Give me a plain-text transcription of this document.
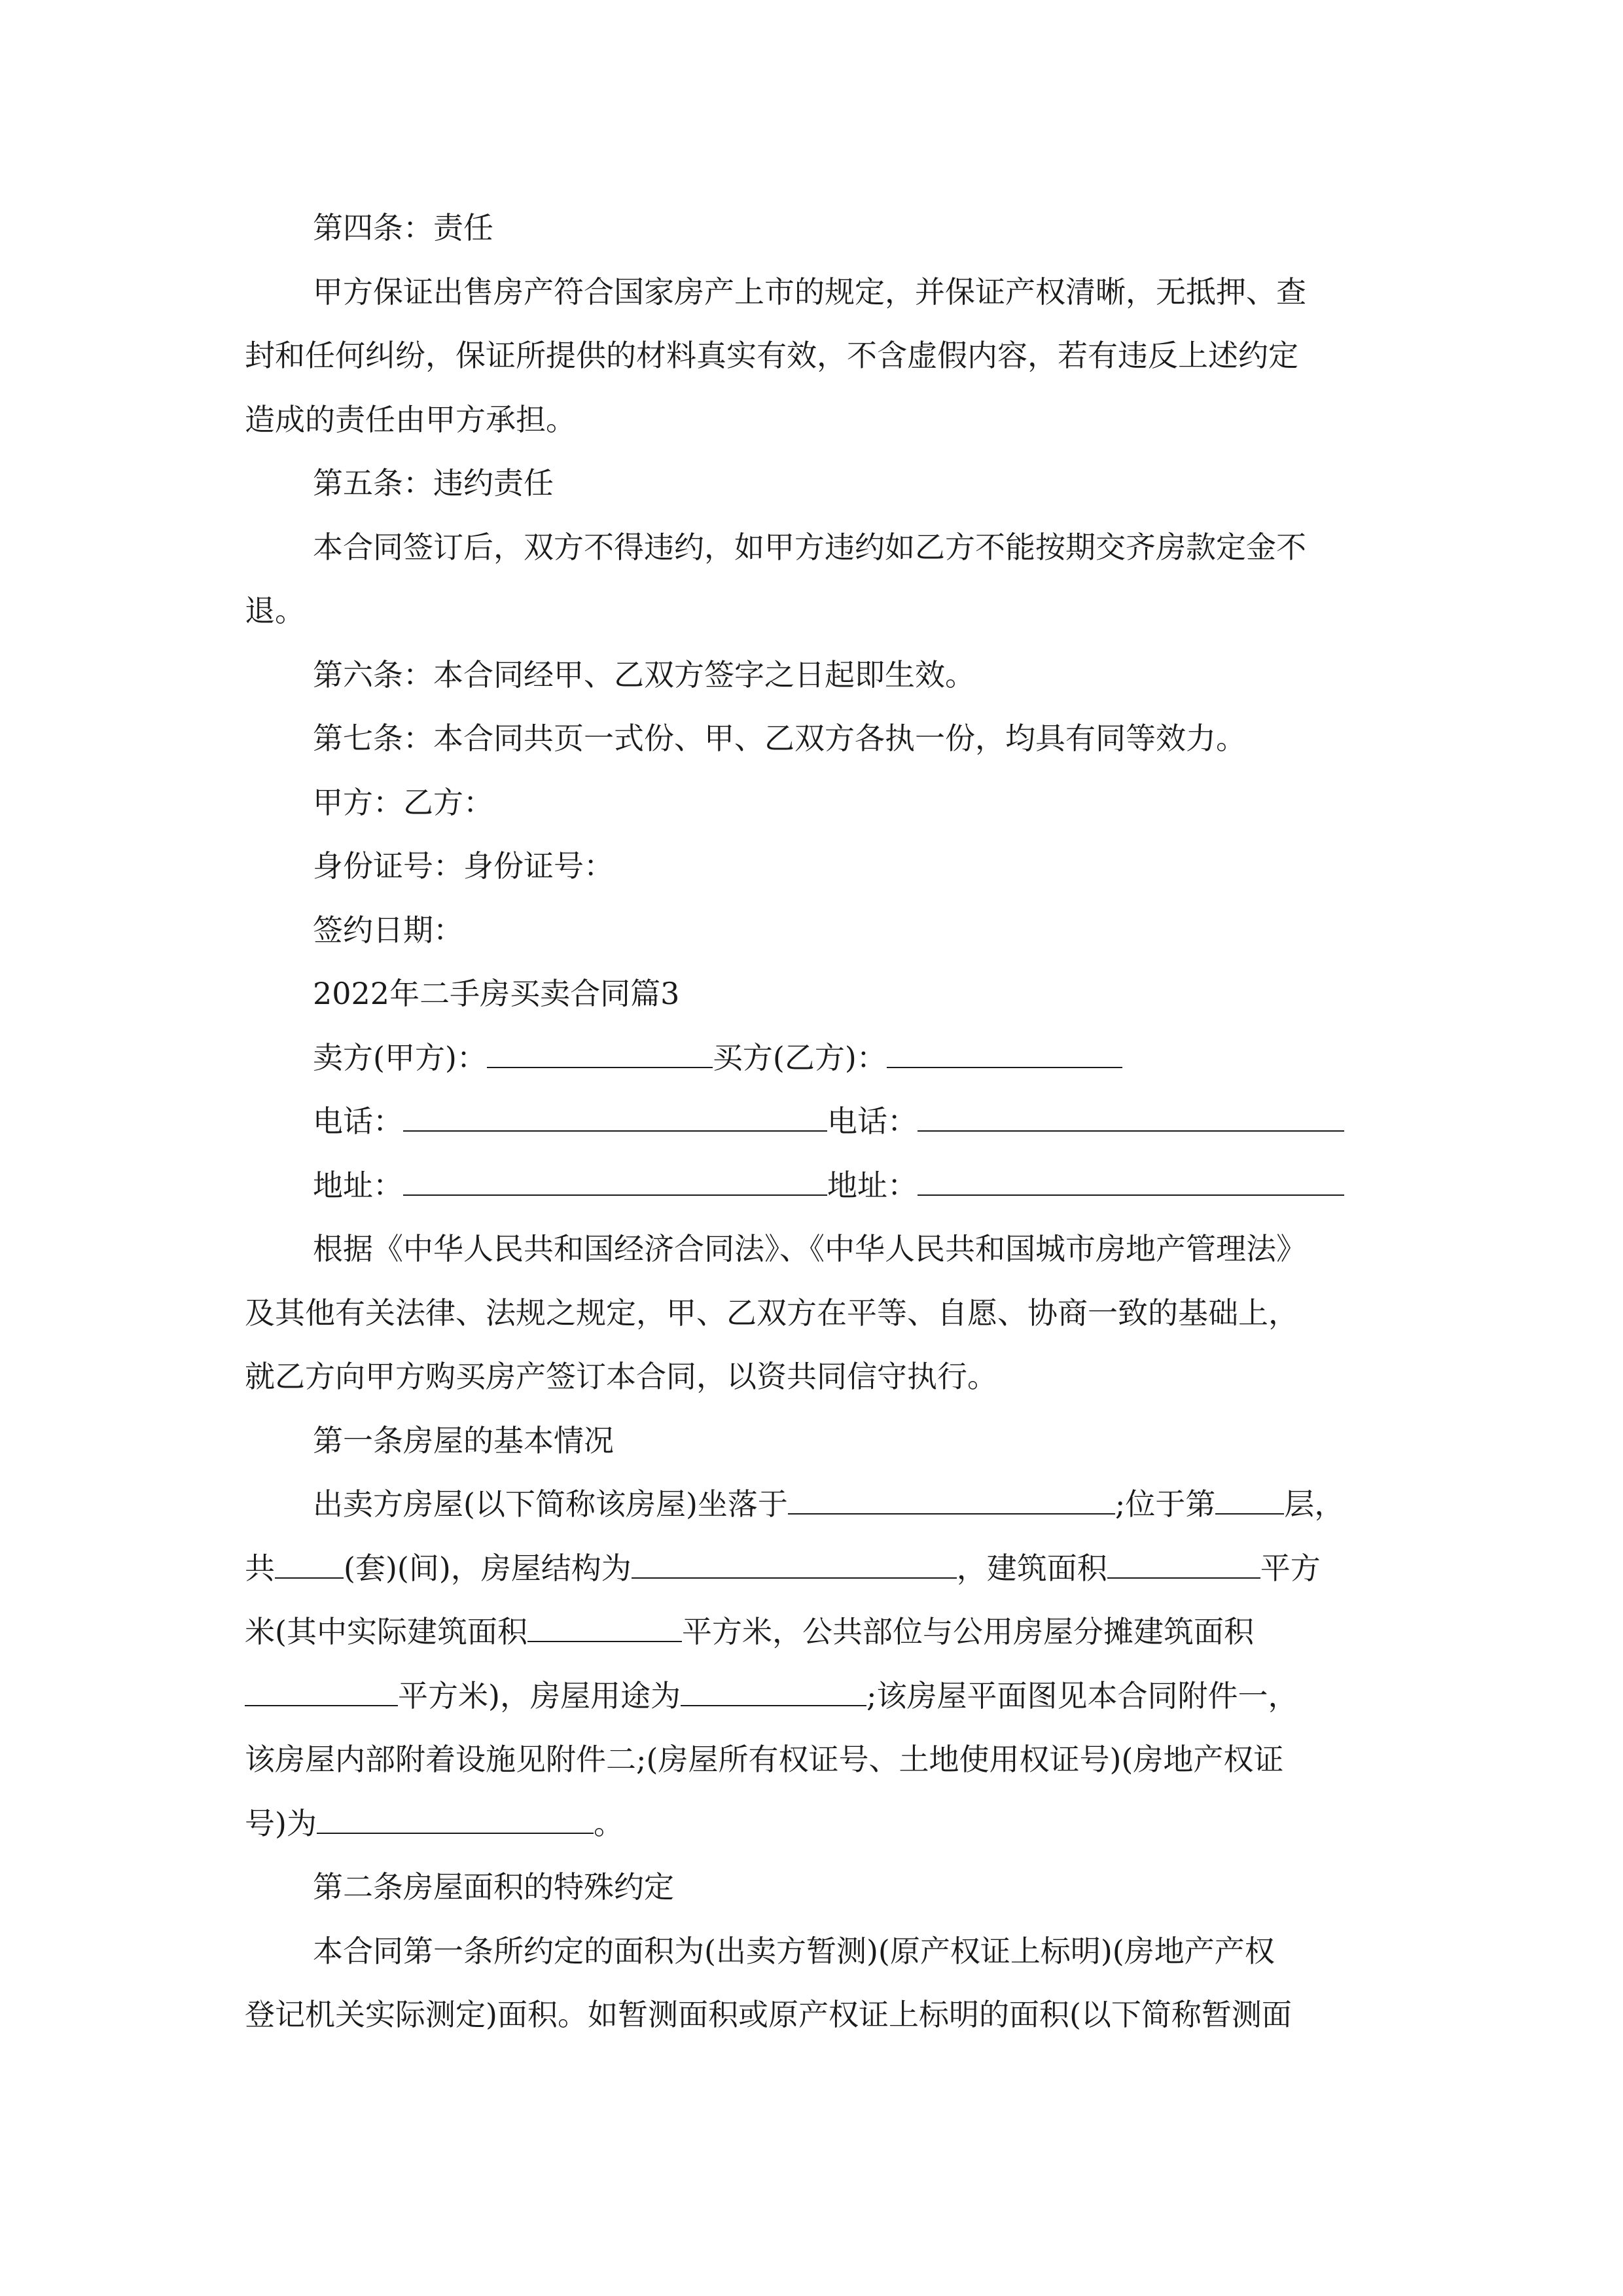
第四条：责任
甲方保证出售房产符合国家房产上市的规定，并保证产权清晰，无抵押、查
封和任何纠纷，保证所提供的材料真实有效，不含虚假内容，若有违反上述约定
造成的责任由甲方承担。
第五条：违约责任
本合同签订后，双方不得违约，如甲方违约如乙方不能按期交齐房款定金不
退。
第六条：本合同经甲、乙双方签字之日起即生效。
第七条：本合同共页一式份、甲、乙双方各执一份，均具有同等效力。
甲方：乙方：
身份证号：身份证号：
签约日期：
2022年二手房买卖合同篇3
卖方(甲方)：	买方(乙方)：
电话：	电话：
地址：	地址：
根据《中华人民共和国经济合同法》、《中华人民共和国城市房地产管理法》
及其他有关法律、法规之规定，甲、乙双方在平等、自愿、协商一致的基础上，
就乙方向甲方购买房产签订本合同，以资共同信守执行。
第一条房屋的基本情况
出卖方房屋(以下简称该房屋)坐落于	;位于第 层，
共 (套)(间)，房屋结构为	，建筑面积	平方
米(其中实际建筑面积	平方米，公共部位与公用房屋分摊建筑面积
平方米)，房屋用途为	;该房屋平面图见本合同附件一，
该房屋内部附着设施见附件二;(房屋所有权证号、土地使用权证号)(房地产权证
号)为	。
第二条房屋面积的特殊约定
本合同第一条所约定的面积为(出卖方暂测)(原产权证上标明)(房地产产权
登记机关实际测定)面积。如暂测面积或原产权证上标明的面积(以下简称暂测面
